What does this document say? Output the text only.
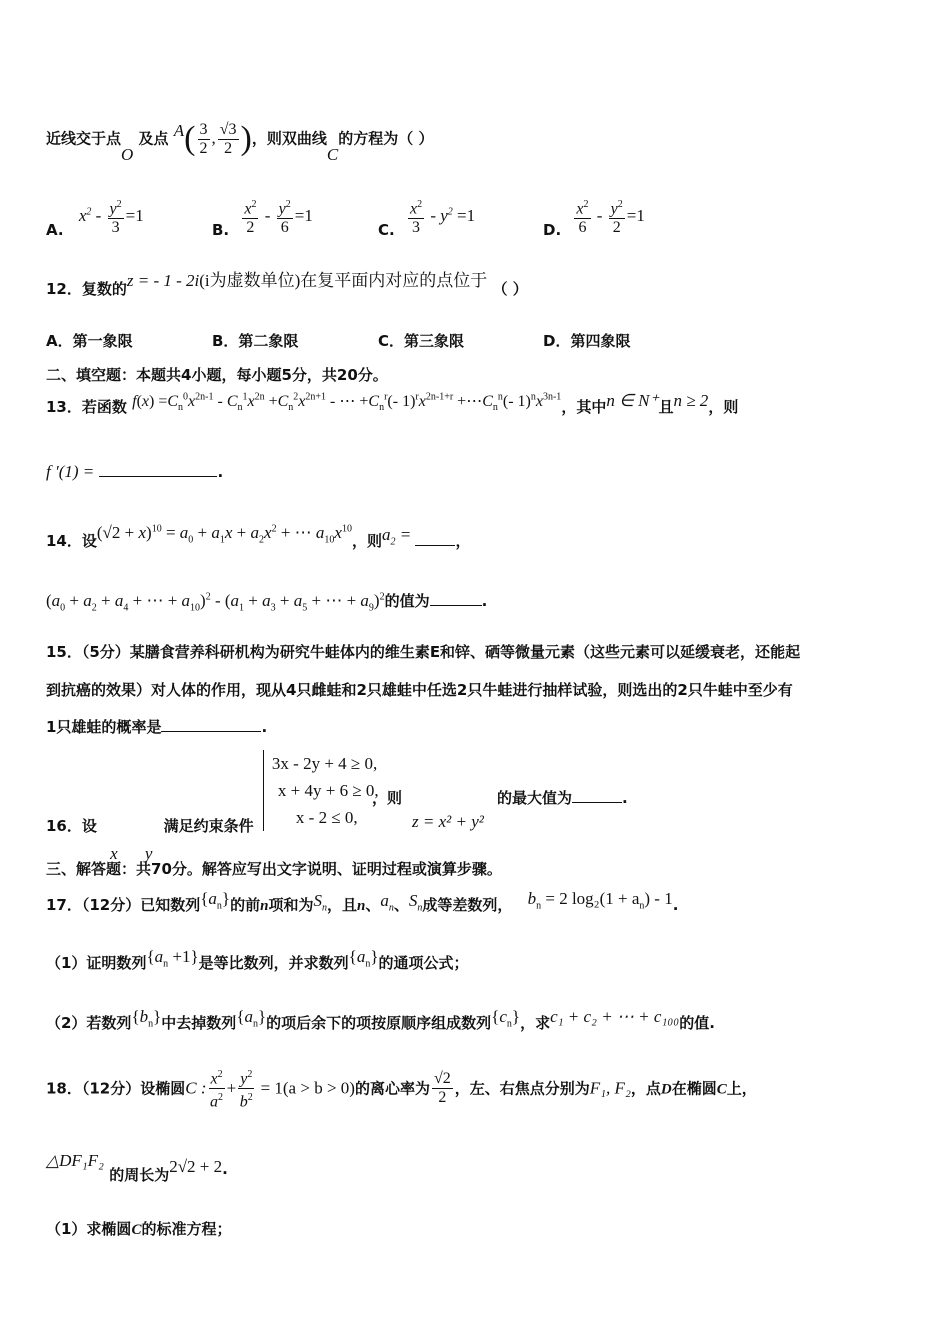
近线交于点O 及点 $A( \frac{3}{2}$ , $\frac{√3}{2}$ )，则双曲线C的方程为（ ）
A. $x^2 - \frac{y^2}{3} =1$
B. $\frac{x^2}{2} - \frac{y^2}{6} =1$
C. $\frac{x^2}{3} - y^2 =1$
D. $\frac{x^2}{6} - \frac{y^2}{2} =1$
12．复数的z = - 1 - 2i(i为虚数单位)在复平面内对应的点位于 （ ）
A．第一象限	B．第二象限	C．第三象限	D．第四象限
二、填空题：本题共4小题，每小题5分，共20分。
13．若函数 $f(x) =C_n^0x^{2n-1} - C_n^1x^{2n} +C_n^2x^{2n+1}$ - ⋯ $+C_n^r(-$ $1)^rx^{2n-1+r}$ $+\cdots C_n^n(-$ $1)^nx^{3n-1}$，其中n ∈ N⁺且n ≥ 2，则
f ′(1) =	.
14．设$(√2 + x)^{10} = a_0 + a_1x + a_2x^2$ + ⋯ $a_{10}x^{10}$，则$a_2$ =	，
($a_0 + a_2 + a_4$ + ⋯ + $a_{10})^2 - (a_1 + a_3 + a_5$ + ⋯ + $a_9)^2$的值为	.
15．（5分）某膳食营养科研机构为研究牛蛙体内的维生素E和锌、硒等微量元素（这些元素可以延缓衰老，还能起
到抗癌的效果）对人体的作用，现从4只雌蛙和2只雄蛙中任选2只牛蛙进行抽样试验，则选出的2只牛蛙中至少有
1只雄蛙的概率是	.
16．设 x y 满足约束条件
3x - 2y + 4 ≥ 0,
x + 4y + 6 ≥ 0,
x - 2 ≤ 0,
，则
z = x² + y²
的最大值为	.
三、解答题：共70分。解答应写出文字说明、证明过程或演算步骤。
17．（12分）已知数列$\{a_n\}$的前n项和为$S_n$，且n、$a_n$、$S_n$成等差数列， $b_n = 2$ $\log_2(1 + a_n) - 1$.
（1）证明数列$\{a_n +1\}$是等比数列，并求数列$\{a_n\}$的通项公式；
（2）若数列$\{b_n\}$中去掉数列$\{a_n\}$的项后余下的项按原顺序组成数列$\{c_n\}$，求c₁ + c₂ + ⋯ + c₁₀₀的值.
18．（12分）设椭圆C : $\frac{x^2}{a^2} + \frac{y^2}{b^2} = 1(a > b > 0)$的离心率为 $\frac{√2}{2}$ ，左、右焦点分别为F₁, F₂，点D在椭圆C上，
△DF₁F₂ 的周长为2√2 + 2.
（1）求椭圆C的标准方程；
